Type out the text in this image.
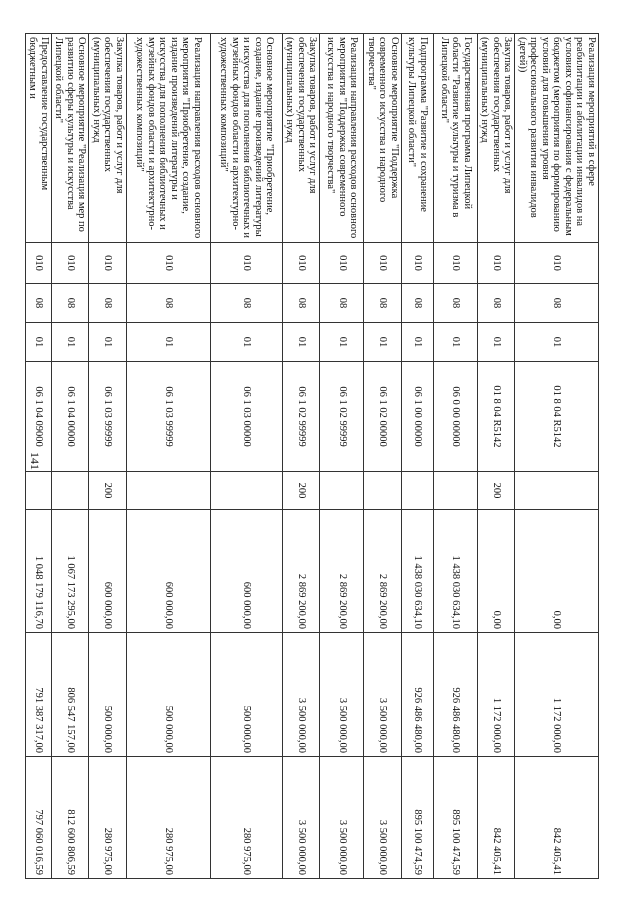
141
Реализация мероприятий в сфере реабилитации и абилитации инвалидов на условиях софинансирования с федеральным бюджетом (мероприятия по формированию условий для повышения уровня профессионального развития инвалидов (детей))	010	08	01	01 8 04 R5142		0,00	1 172 000,00	842 405,41
Закупка товаров, работ и услуг для обеспечения государственных (муниципальных) нужд	010	08	01	01 8 04 R5142	200	0,00	1 172 000,00	842 405,41
Государственная программа Липецкой области "Развитие культуры и туризма в Липецкой области"	010	08	01	06 0 00 00000		1 438 030 634,10	926 486 480,00	895 100 474,59
Подпрограмма "Развитие и сохранение культуры Липецкой области"	010	08	01	06 1 00 00000		1 438 030 634,10	926 486 480,00	895 100 474,59
Основное мероприятие "Поддержка современного искусства и народного творчества"	010	08	01	06 1 02 00000		2 869 200,00	3 500 000,00	3 500 000,00
Реализация направления расходов основного мероприятия "Поддержка современного искусства и народного творчества"	010	08	01	06 1 02 99999		2 869 200,00	3 500 000,00	3 500 000,00
Закупка товаров, работ и услуг для обеспечения государственных (муниципальных) нужд	010	08	01	06 1 02 99999	200	2 869 200,00	3 500 000,00	3 500 000,00
Основное мероприятие "Приобретение, создание, издание произведений литературы и искусства для пополнения библиотечных и музейных фондов области и архитектурно-художественных композиций"	010	08	01	06 1 03 00000		600 000,00	500 000,00	280 975,00
Реализация направления расходов основного мероприятия "Приобретение, создание, издание произведений литературы и искусства для пополнения библиотечных и музейных фондов области и архитектурно-художественных композиций"	010	08	01	06 1 03 99999		600 000,00	500 000,00	280 975,00
Закупка товаров, работ и услуг для обеспечения государственных (муниципальных) нужд	010	08	01	06 1 03 99999	200	600 000,00	500 000,00	280 975,00
Основное мероприятие "Реализация мер по развитию сферы культуры и искусства Липецкой области"	010	08	01	06 1 04 00000		1 067 173 295,00	806 547 157,00	812 600 806,59
Предоставление государственным бюджетным и	010	08	01	06 1 04 09000		1 048 179 116,70	791 387 317,00	797 060 016,59
